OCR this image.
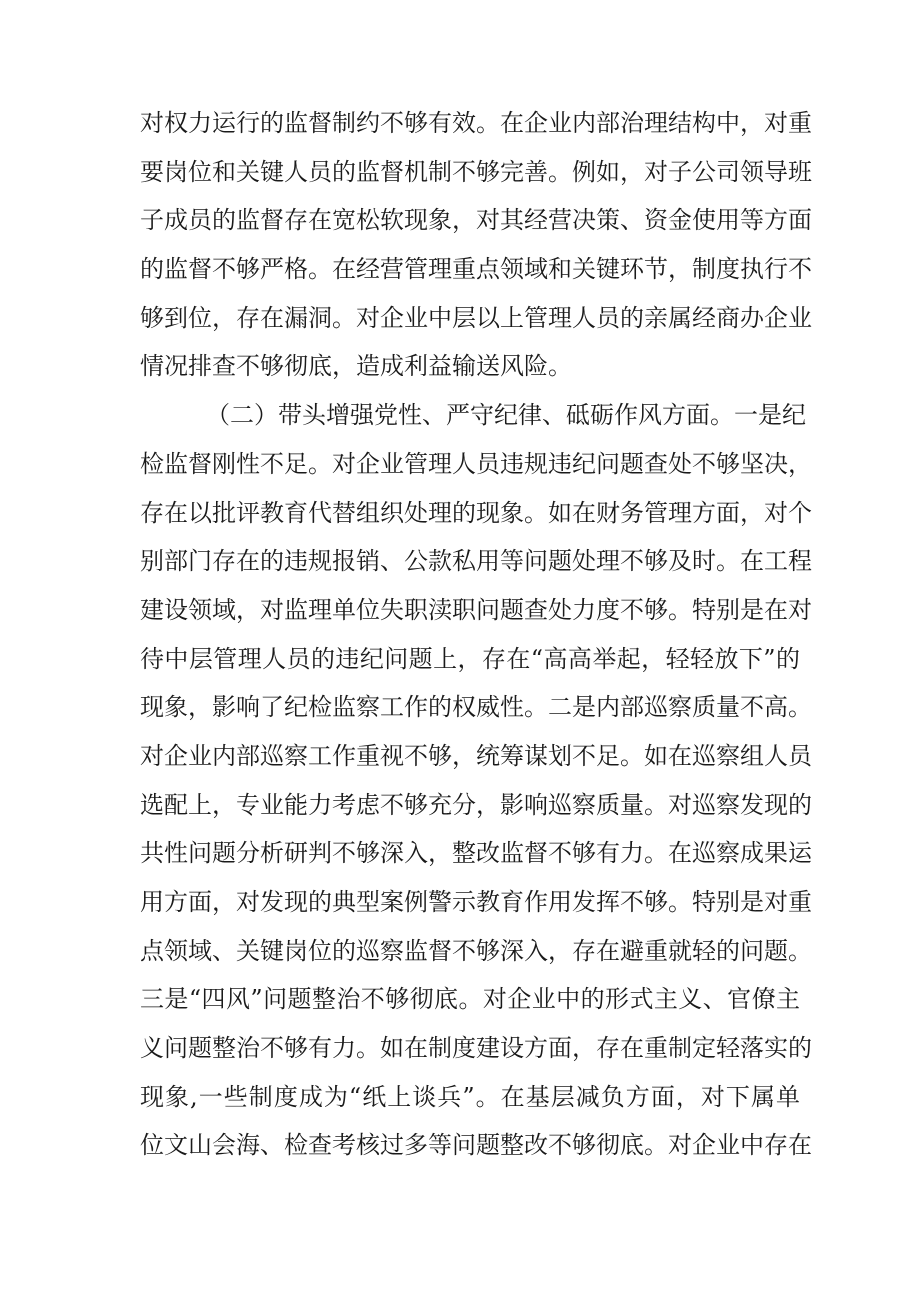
对权力运行的监督制约不够有效。在企业内部治理结构中，对重
要岗位和关键人员的监督机制不够完善。例如，对子公司领导班
子成员的监督存在宽松软现象，对其经营决策、资金使用等方面
的监督不够严格。在经营管理重点领域和关键环节，制度执行不
够到位，存在漏洞。对企业中层以上管理人员的亲属经商办企业
情况排查不够彻底，造成利益输送风险。
（二）带头增强党性、严守纪律、砥砺作风方面。一是纪
检监督刚性不足。对企业管理人员违规违纪问题查处不够坚决，
存在以批评教育代替组织处理的现象。如在财务管理方面，对个
别部门存在的违规报销、公款私用等问题处理不够及时。在工程
建设领域，对监理单位失职渎职问题查处力度不够。特别是在对
待中层管理人员的违纪问题上，存在“高高举起，轻轻放下”的
现象，影响了纪检监察工作的权威性。二是内部巡察质量不高。
对企业内部巡察工作重视不够，统筹谋划不足。如在巡察组人员
选配上，专业能力考虑不够充分，影响巡察质量。对巡察发现的
共性问题分析研判不够深入，整改监督不够有力。在巡察成果运
用方面，对发现的典型案例警示教育作用发挥不够。特别是对重
点领域、关键岗位的巡察监督不够深入，存在避重就轻的问题。
三是“四风”问题整治不够彻底。对企业中的形式主义、官僚主
义问题整治不够有力。如在制度建设方面，存在重制定轻落实的
现象,一些制度成为“纸上谈兵”。在基层减负方面，对下属单
位文山会海、检查考核过多等问题整改不够彻底。对企业中存在
